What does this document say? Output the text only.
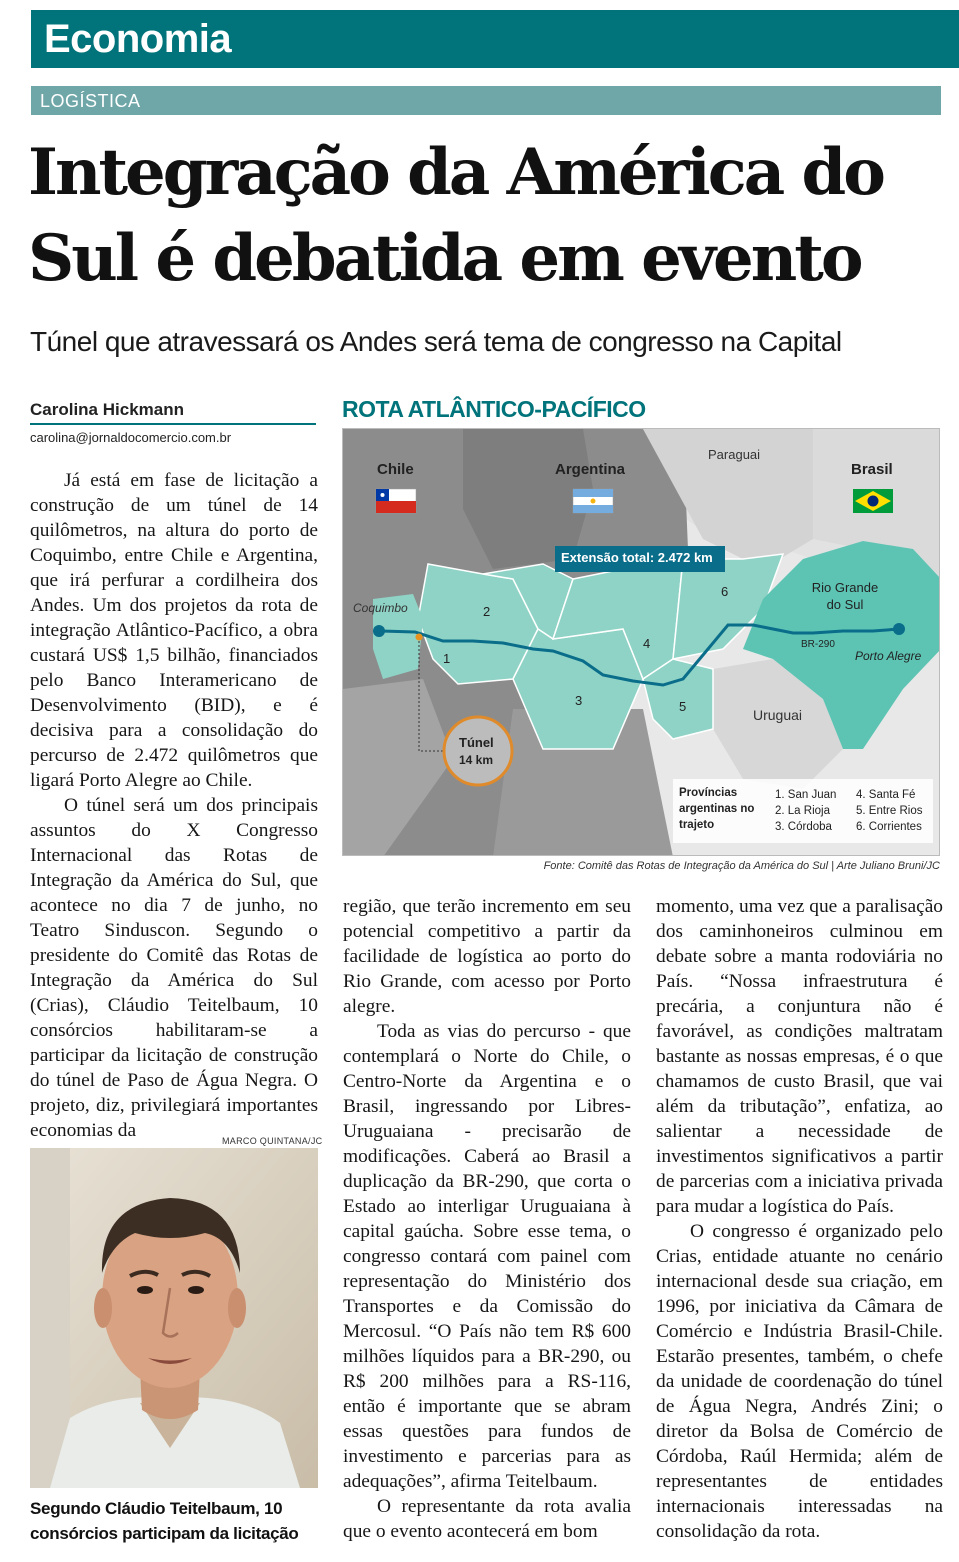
Economia
LOGÍSTICA
Integração da América do Sul é debatida em evento
Túnel que atravessará os Andes será tema de congresso na Capital
Carolina Hickmann
carolina@jornaldocomercio.com.br

Já está em fase de licitação a construção de um túnel de 14 quilômetros, na altura do porto de Coquimbo, entre Chile e Argentina, que irá perfurar a cordilheira dos Andes. Um dos projetos da rota de integração Atlântico-Pacífico, a obra custará US$ 1,5 bilhão, financiados pelo Banco Interamericano de Desenvolvimento (BID), e é decisiva para a consolidação do percurso de 2.472 quilômetros que ligará Porto Alegre ao Chile.

O túnel será um dos principais assuntos do X Congresso Internacional das Rotas de Integração da América do Sul, que acontece no dia 7 de junho, no Teatro Sinduscon. Segundo o presidente do Comitê das Rotas de Integração da América do Sul (Crias), Cláudio Teitelbaum, 10 consórcios habilitaram-se a participar da licitação de construção do túnel de Paso de Água Negra. O projeto, diz, privilegiará importantes economias da	MARCO QUINTANA/JC
Segundo Cláudio Teitelbaum, 10 consórcios participam da licitação
ROTA ATLÂNTICO-PACÍFICO
Chile	Argentina
Paraguai
Brasil
Uruguai
Extensão total: 2.472 km
Rio Grande do Sul
Coquimbo
Porto Alegre
BR-290
Túnel
14 km
1
2
3
4
5
6
Províncias argentinas no trajeto
1. San Juan
2. La Rioja
3. Córdoba
4. Santa Fé
5. Entre Rios
6. Corrientes
Fonte: Comitê das Rotas de Integração da América do Sul | Arte Juliano Bruni/JC

região, que terão incremento em seu potencial competitivo a partir da facilidade de logística ao porto do Rio Grande, com acesso por Porto alegre.

Toda as vias do percurso - que contemplará o Norte do Chile, o Centro-Norte da Argentina e o Brasil, ingressando por Libres-Uruguaiana - precisarão de modificações. Caberá ao Brasil a duplicação da BR-290, que corta o Estado ao interligar Uruguaiana à capital gaúcha. Sobre esse tema, o congresso contará com painel com representação do Ministério dos Transportes e da Comissão do Mercosul. “O País não tem R$ 600 milhões líquidos para a BR-290, ou R$ 200 milhões para a RS-116, então é importante que se abram essas questões para fundos de investimento e parcerias para as adequações”, afirma Teitelbaum.

O representante da rota avalia que o evento acontecerá em bom

momento, uma vez que a paralisação dos caminhoneiros culminou em debate sobre a manta rodoviária no País. “Nossa infraestrutura é precária, a conjuntura não é favorável, as condições maltratam bastante as nossas empresas, é o que chamamos de custo Brasil, que vai além da tributação”, enfatiza, ao salientar a necessidade de investimentos significativos a partir de parcerias com a iniciativa privada para mudar a logística do País.

O congresso é organizado pelo Crias, entidade atuante no cenário internacional desde sua criação, em 1996, por iniciativa da Câmara de Comércio e Indústria Brasil-Chile. Estarão presentes, também, o chefe da unidade de coordenação do túnel de Água Negra, Andrés Zini; o diretor da Bolsa de Comércio de Córdoba, Raúl Hermida; além de representantes de entidades internacionais interessadas na consolidação da rota.
